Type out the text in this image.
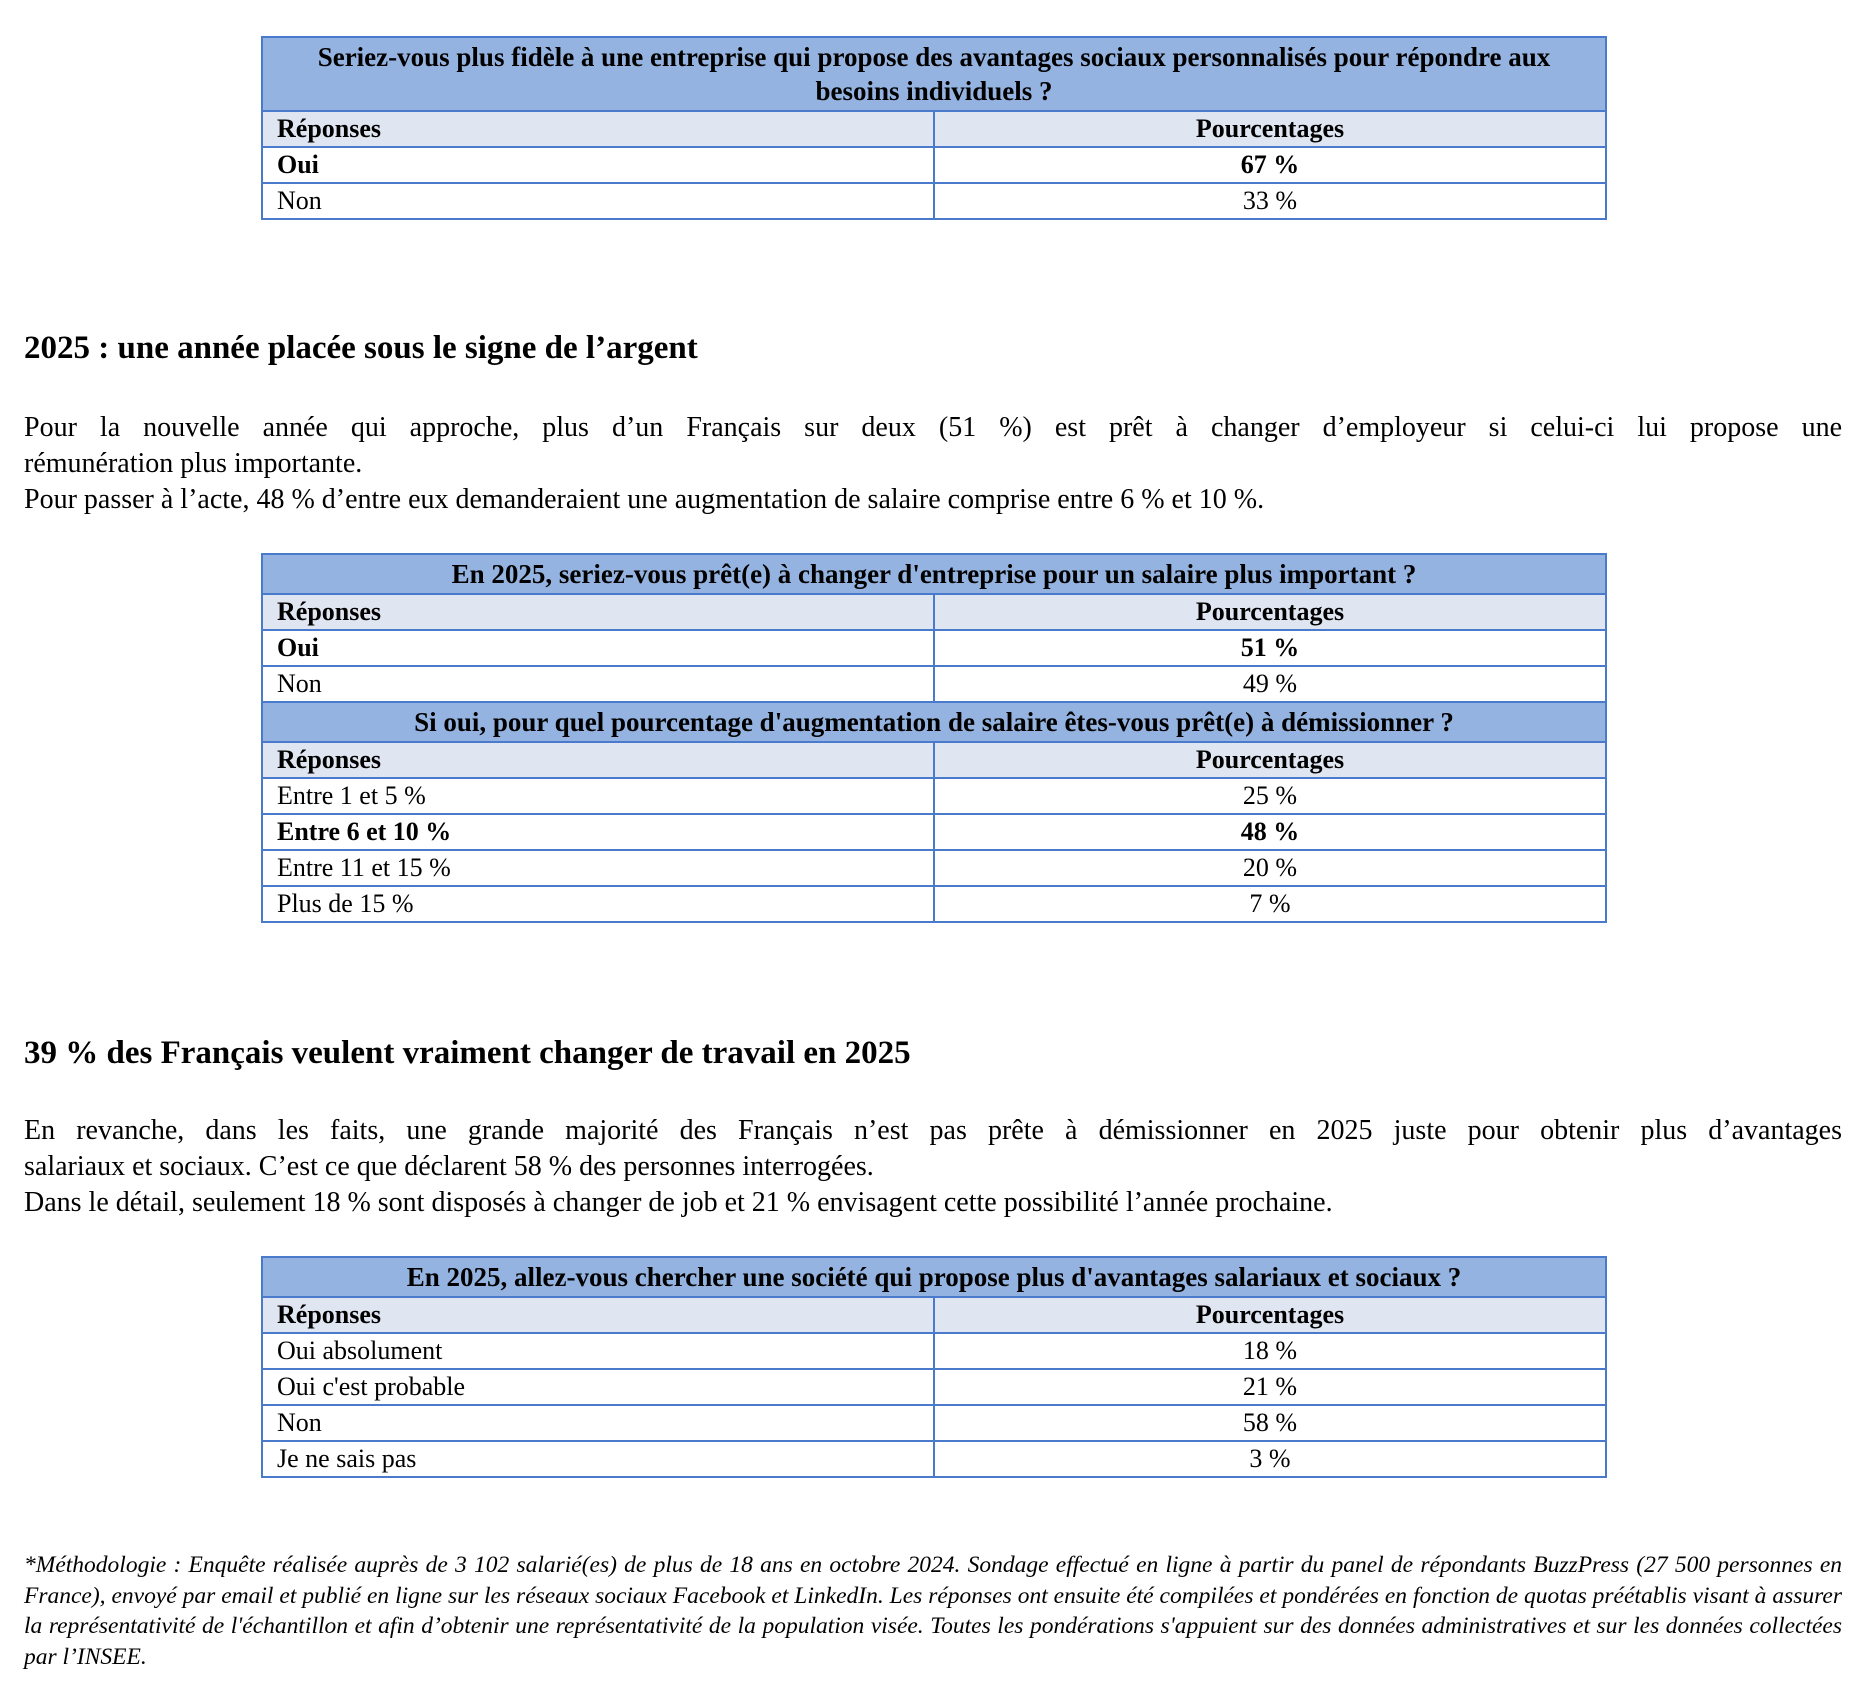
Seriez-vous plus fidèle à une entreprise qui propose des avantages sociaux personnalisés pour répondre aux besoins individuels ?	
Réponses	Pourcentages
Oui	67 %
Non	33 %
2025 : une année placée sous le signe de l’argent
Pour la nouvelle année qui approche, plus d’un Français sur deux (51 %) est prêt à changer d’employeur si celui-ci lui propose une
rémunération plus importante.
Pour passer à l’acte, 48 % d’entre eux demanderaient une augmentation de salaire comprise entre 6 % et 10 %.
En 2025, seriez-vous prêt(e) à changer d'entreprise pour un salaire plus important ?	
Réponses	Pourcentages
Oui	51 %
Non	49 %
Si oui, pour quel pourcentage d'augmentation de salaire êtes-vous prêt(e) à démissionner ?	
Réponses	Pourcentages
Entre 1 et 5 %	25 %
Entre 6 et 10 %	48 %
Entre 11 et 15 %	20 %
Plus de 15 %	7 %
39 % des Français veulent vraiment changer de travail en 2025
En revanche, dans les faits, une grande majorité des Français n’est pas prête à démissionner en 2025 juste pour obtenir plus d’avantages
salariaux et sociaux. C’est ce que déclarent 58 % des personnes interrogées.
Dans le détail, seulement 18 % sont disposés à changer de job et 21 % envisagent cette possibilité l’année prochaine.
En 2025, allez-vous chercher une société qui propose plus d'avantages salariaux et sociaux ?	
Réponses	Pourcentages
Oui absolument	18 %
Oui c'est probable	21 %
Non	58 %
Je ne sais pas	3 %

*Méthodologie : Enquête réalisée auprès de 3 102 salarié(es) de plus de 18 ans en octobre 2024. Sondage effectué en ligne à partir du panel de répondants BuzzPress (27 500 personnes en France), envoyé par email et publié en ligne sur les réseaux sociaux Facebook et LinkedIn. Les réponses ont ensuite été compilées et pondérées en fonction de quotas préétablis visant à assurer la représentativité de l'échantillon et afin d’obtenir une représentativité de la population visée. Toutes les pondérations s'appuient sur des données administratives et sur les données collectées par l’INSEE.
